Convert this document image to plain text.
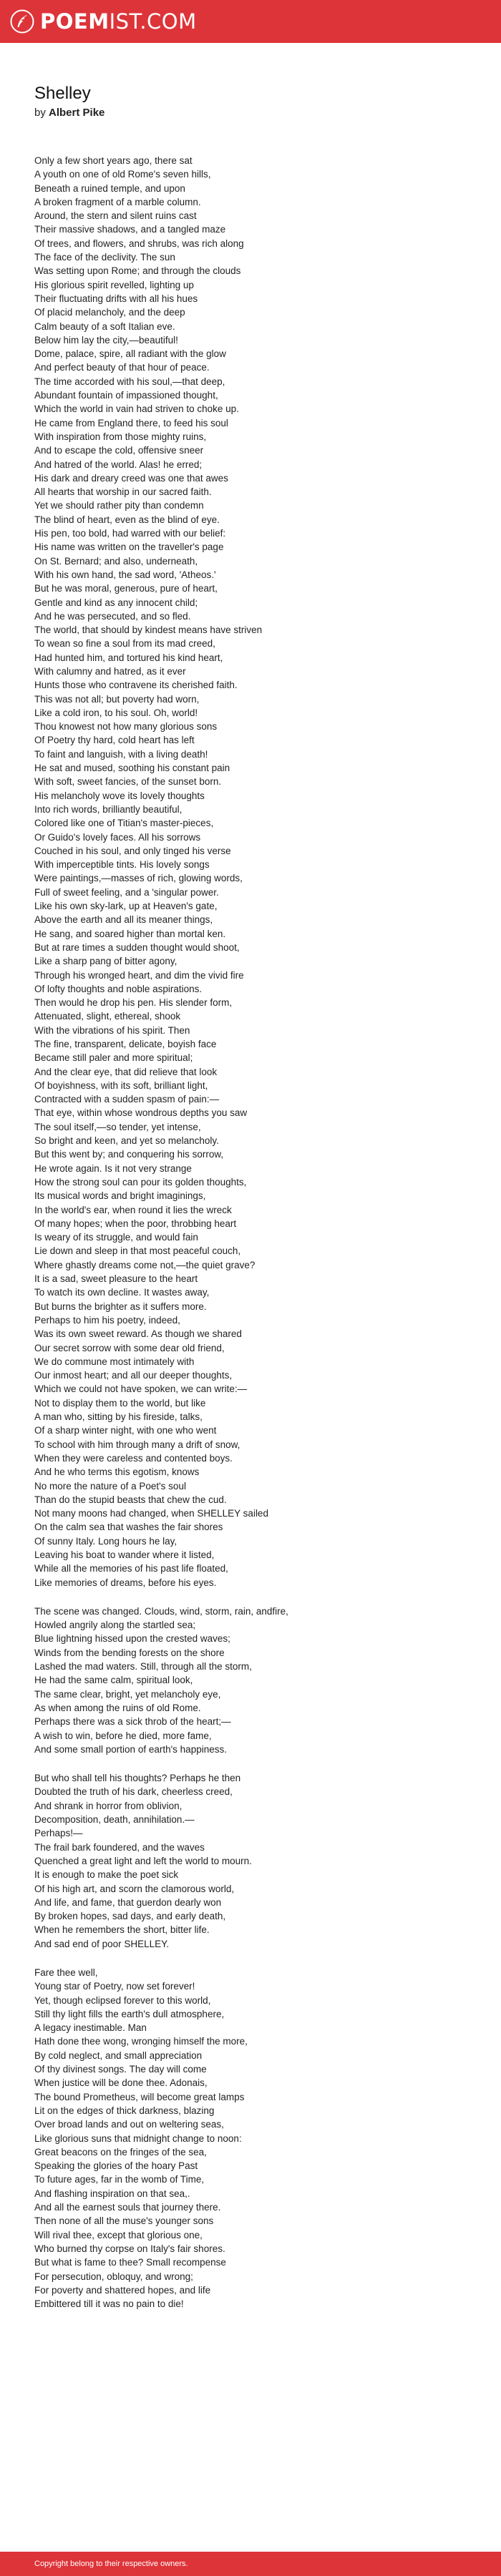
POEMIST.COM
Shelley
by Albert Pike

Only a few short years ago, there sat
A youth on one of old Rome's seven hills,
Beneath a ruined temple, and upon
A broken fragment of a marble column.
Around, the stern and silent ruins cast
Their massive shadows, and a tangled maze
Of trees, and flowers, and shrubs, was rich along
The face of the declivity. The sun
Was setting upon Rome; and through the clouds
His glorious spirit revelled, lighting up
Their fluctuating drifts with all his hues
Of placid melancholy, and the deep
Calm beauty of a soft Italian eve.
Below him lay the city,—beautiful!
Dome, palace, spire, all radiant with the glow
And perfect beauty of that hour of peace.
The time accorded with his soul,—that deep,
Abundant fountain of impassioned thought,
Which the world in vain had striven to choke up.
He came from England there, to feed his soul
With inspiration from those mighty ruins,
And to escape the cold, offensive sneer
And hatred of the world. Alas! he erred;
His dark and dreary creed was one that awes
All hearts that worship in our sacred faith.
Yet we should rather pity than condemn
The blind of heart, even as the blind of eye.
His pen, too bold, had warred with our belief:
His name was written on the traveller's page
On St. Bernard; and also, underneath,
With his own hand, the sad word, 'Atheos.'
But he was moral, generous, pure of heart,
Gentle and kind as any innocent child;
And he was persecuted, and so fled.
The world, that should by kindest means have striven
To wean so fine a soul from its mad creed,
Had hunted him, and tortured his kind heart,
With calumny and hatred, as it ever
Hunts those who contravene its cherished faith.
This was not all; but poverty had worn,
Like a cold iron, to his soul. Oh, world!
Thou knowest not how many glorious sons
Of Poetry thy hard, cold heart has left
To faint and languish, with a living death!
He sat and mused, soothing his constant pain
With soft, sweet fancies, of the sunset born.
His melancholy wove its lovely thoughts
Into rich words, brilliantly beautiful,
Colored like one of Titian's master-pieces,
Or Guido's lovely faces. All his sorrows
Couched in his soul, and only tinged his verse
With imperceptible tints. His lovely songs
Were paintings,—masses of rich, glowing words,
Full of sweet feeling, and a 'singular power.
Like his own sky-lark, up at Heaven's gate,
Above the earth and all its meaner things,
He sang, and soared higher than mortal ken.
But at rare times a sudden thought would shoot,
Like a sharp pang of bitter agony,
Through his wronged heart, and dim the vivid fire
Of lofty thoughts and noble aspirations.
Then would he drop his pen. His slender form,
Attenuated, slight, ethereal, shook
With the vibrations of his spirit. Then
The fine, transparent, delicate, boyish face
Became still paler and more spiritual;
And the clear eye, that did relieve that look
Of boyishness, with its soft, brilliant light,
Contracted with a sudden spasm of pain:—
That eye, within whose wondrous depths you saw
The soul itself,—so tender, yet intense,
So bright and keen, and yet so melancholy.
But this went by; and conquering his sorrow,
He wrote again. Is it not very strange
How the strong soul can pour its golden thoughts,
Its musical words and bright imaginings,
In the world's ear, when round it lies the wreck
Of many hopes; when the poor, throbbing heart
Is weary of its struggle, and would fain
Lie down and sleep in that most peaceful couch,
Where ghastly dreams come not,—the quiet grave?
It is a sad, sweet pleasure to the heart
To watch its own decline. It wastes away,
But burns the brighter as it suffers more.
Perhaps to him his poetry, indeed,
Was its own sweet reward. As though we shared
Our secret sorrow with some dear old friend,
We do commune most intimately with
Our inmost heart; and all our deeper thoughts,
Which we could not have spoken, we can write:—
Not to display them to the world, but like
A man who, sitting by his fireside, talks,
Of a sharp winter night, with one who went
To school with him through many a drift of snow,
When they were careless and contented boys.
And he who terms this egotism, knows
No more the nature of a Poet's soul
Than do the stupid beasts that chew the cud.
Not many moons had changed, when SHELLEY sailed
On the calm sea that washes the fair shores
Of sunny Italy. Long hours he lay,
Leaving his boat to wander where it listed,
While all the memories of his past life floated,
Like memories of dreams, before his eyes.

The scene was changed. Clouds, wind, storm, rain, andfire,
Howled angrily along the startled sea;
Blue lightning hissed upon the crested waves;
Winds from the bending forests on the shore
Lashed the mad waters. Still, through all the storm,
He had the same calm, spiritual look,
The same clear, bright, yet melancholy eye,
As when among the ruins of old Rome.
Perhaps there was a sick throb of the heart;—
A wish to win, before he died, more fame,
And some small portion of earth's happiness.

But who shall tell his thoughts? Perhaps he then
Doubted the truth of his dark, cheerless creed,
And shrank in horror from oblivion,
Decomposition, death, annihilation.—
Perhaps!—
The frail bark foundered, and the waves
Quenched a great light and left the world to mourn.
It is enough to make the poet sick
Of his high art, and scorn the clamorous world,
And life, and fame, that guerdon dearly won
By broken hopes, sad days, and early death,
When he remembers the short, bitter life.
And sad end of poor SHELLEY.

Fare thee well,
Young star of Poetry, now set forever!
Yet, though eclipsed forever to this world,
Still thy light fills the earth's dull atmosphere,
A legacy inestimable. Man
Hath done thee wong, wronging himself the more,
By cold neglect, and small appreciation
Of thy divinest songs. The day will come
When justice will be done thee. Adonais,
The bound Prometheus, will become great lamps
Lit on the edges of thick darkness, blazing
Over broad lands and out on weltering seas,
Like glorious suns that midnight change to noon:
Great beacons on the fringes of the sea,
Speaking the glories of the hoary Past
To future ages, far in the womb of Time,
And flashing inspiration on that sea,.
And all the earnest souls that journey there.
Then none of all the muse's younger sons
Will rival thee, except that glorious one,
Who burned thy corpse on Italy's fair shores.
But what is fame to thee? Small recompense
For persecution, obloquy, and wrong;
For poverty and shattered hopes, and life
Embittered till it was no pain to die!

Copyright belong to their respective owners.
